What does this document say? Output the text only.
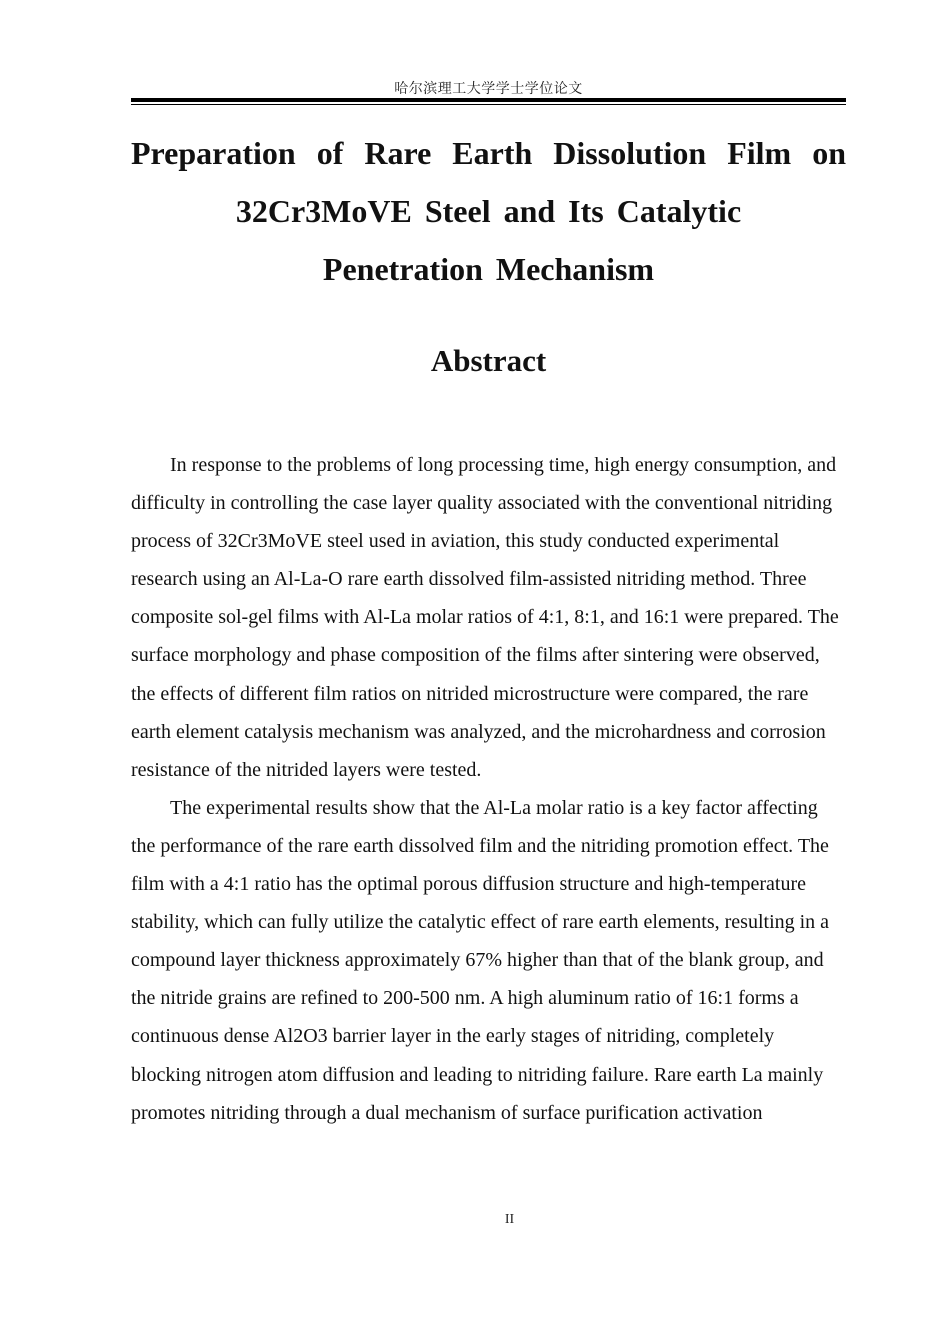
哈尔滨理工大学学士学位论文
Preparation of Rare Earth Dissolution Film on
32Cr3MoVE Steel and Its Catalytic
Penetration Mechanism
Abstract

In response to the problems of long processing time, high energy consumption, and difficulty in controlling the case layer quality associated with the conventional nitriding process of 32Cr3MoVE steel used in aviation, this study conducted experimental research using an Al-La-O rare earth dissolved film-assisted nitriding method. Three composite sol-gel films with Al-La molar ratios of 4:1, 8:1, and 16:1 were prepared. The surface morphology and phase composition of the films after sintering were observed, the effects of different film ratios on nitrided microstructure were compared, the rare earth element catalysis mechanism was analyzed, and the microhardness and corrosion resistance of the nitrided layers were tested.

The experimental results show that the Al-La molar ratio is a key factor affecting the performance of the rare earth dissolved film and the nitriding promotion effect. The film with a 4:1 ratio has the optimal porous diffusion structure and high-temperature stability, which can fully utilize the catalytic effect of rare earth elements, resulting in a compound layer thickness approximately 67% higher than that of the blank group, and the nitride grains are refined to 200-500 nm. A high aluminum ratio of 16:1 forms a continuous dense Al2O3 barrier layer in the early stages of nitriding, completely blocking nitrogen atom diffusion and leading to nitriding failure. Rare earth La mainly promotes nitriding through a dual mechanism of surface purification activation

II
